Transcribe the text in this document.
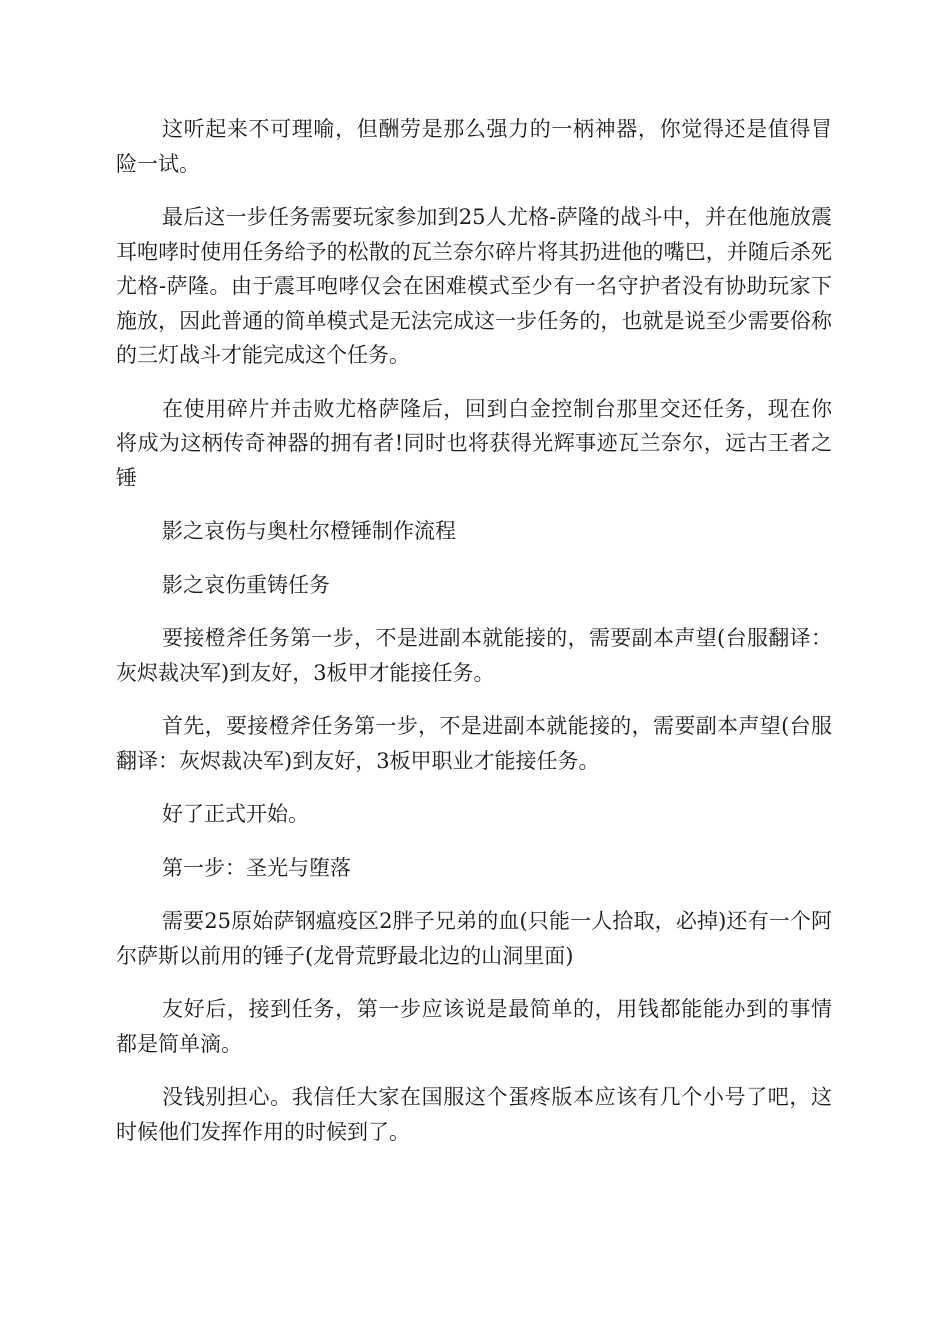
这听起来不可理喻，但酬劳是那么强力的一柄神器，你觉得还是值得冒险一试。

最后这一步任务需要玩家参加到25人尤格-萨隆的战斗中，并在他施放震耳咆哮时使用任务给予的松散的瓦兰奈尔碎片将其扔进他的嘴巴，并随后杀死尤格-萨隆。由于震耳咆哮仅会在困难模式至少有一名守护者没有协助玩家下施放，因此普通的简单模式是无法完成这一步任务的，也就是说至少需要俗称的三灯战斗才能完成这个任务。

在使用碎片并击败尤格萨隆后，回到白金控制台那里交还任务，现在你将成为这柄传奇神器的拥有者!同时也将获得光辉事迹瓦兰奈尔，远古王者之锤

影之哀伤与奥杜尔橙锤制作流程

影之哀伤重铸任务

要接橙斧任务第一步，不是进副本就能接的，需要副本声望(台服翻译：灰烬裁决军)到友好，3板甲才能接任务。

首先，要接橙斧任务第一步，不是进副本就能接的，需要副本声望(台服翻译：灰烬裁决军)到友好，3板甲职业才能接任务。

好了正式开始。

第一步：圣光与堕落

需要25原始萨钢瘟疫区2胖子兄弟的血(只能一人拾取，必掉)还有一个阿尔萨斯以前用的锤子(龙骨荒野最北边的山洞里面)

友好后，接到任务，第一步应该说是最简单的，用钱都能能办到的事情都是简单滴。

没钱别担心。我信任大家在国服这个蛋疼版本应该有几个小号了吧，这时候他们发挥作用的时候到了。
